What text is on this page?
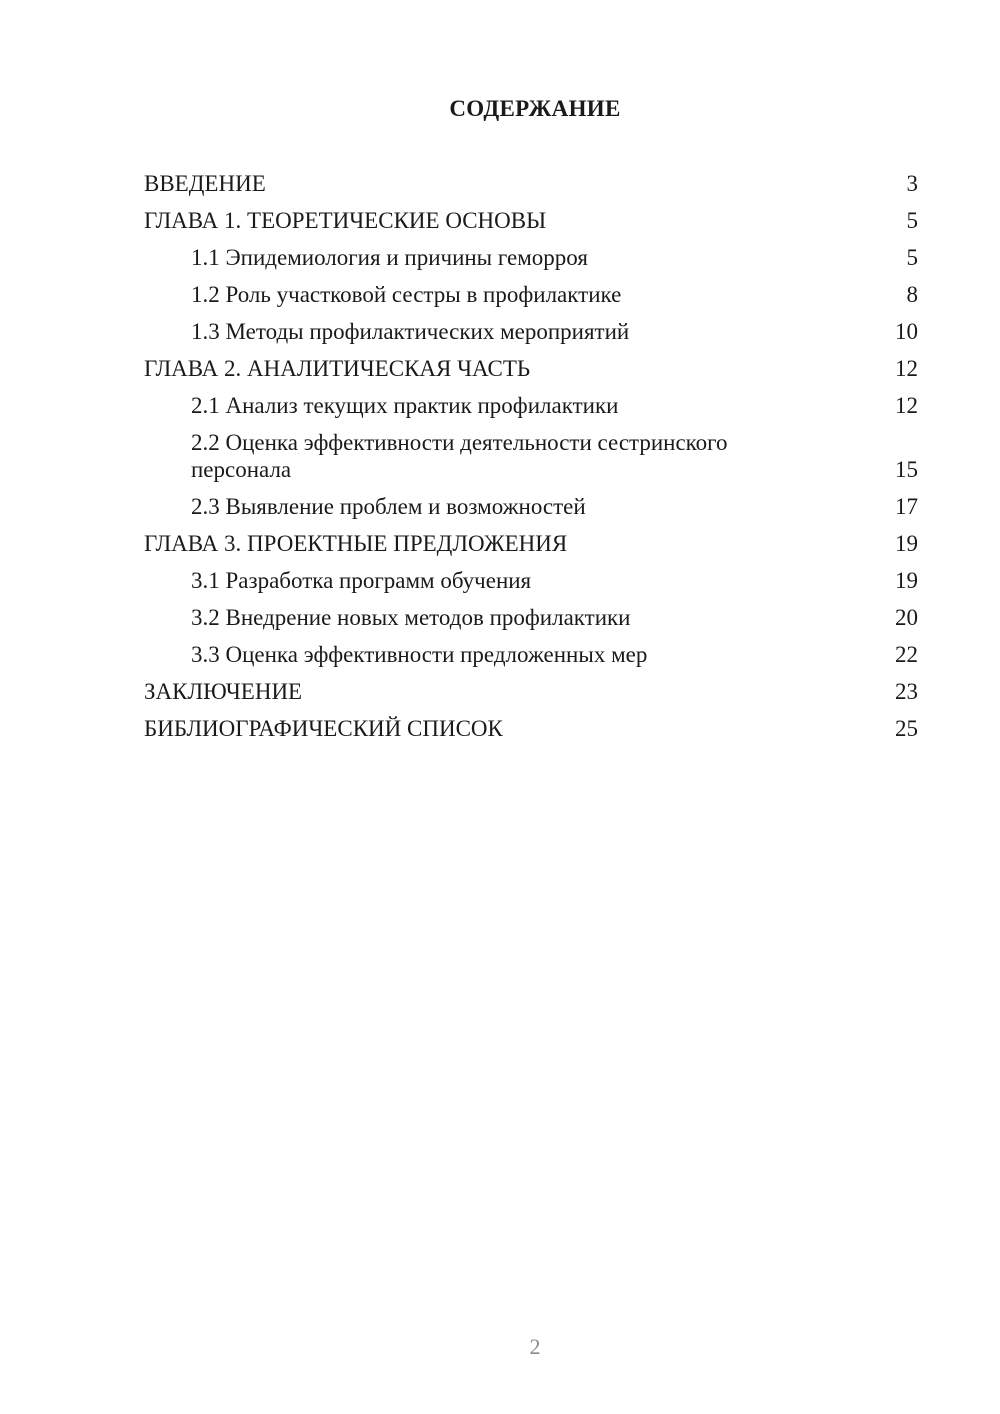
СОДЕРЖАНИЕ
ВВЕДЕНИЕ	3
ГЛАВА 1. ТЕОРЕТИЧЕСКИЕ ОСНОВЫ	5
1.1 Эпидемиология и причины геморроя	5
1.2 Роль участковой сестры в профилактике	8
1.3 Методы профилактических мероприятий	10
ГЛАВА 2. АНАЛИТИЧЕСКАЯ ЧАСТЬ	12
2.1 Анализ текущих практик профилактики	12
2.2 Оценка эффективности деятельности сестринского персонала	15
2.3 Выявление проблем и возможностей	17
ГЛАВА 3. ПРОЕКТНЫЕ ПРЕДЛОЖЕНИЯ	19
3.1 Разработка программ обучения	19
3.2 Внедрение новых методов профилактики	20
3.3 Оценка эффективности предложенных мер	22
ЗАКЛЮЧЕНИЕ	23
БИБЛИОГРАФИЧЕСКИЙ СПИСОК	25
2
